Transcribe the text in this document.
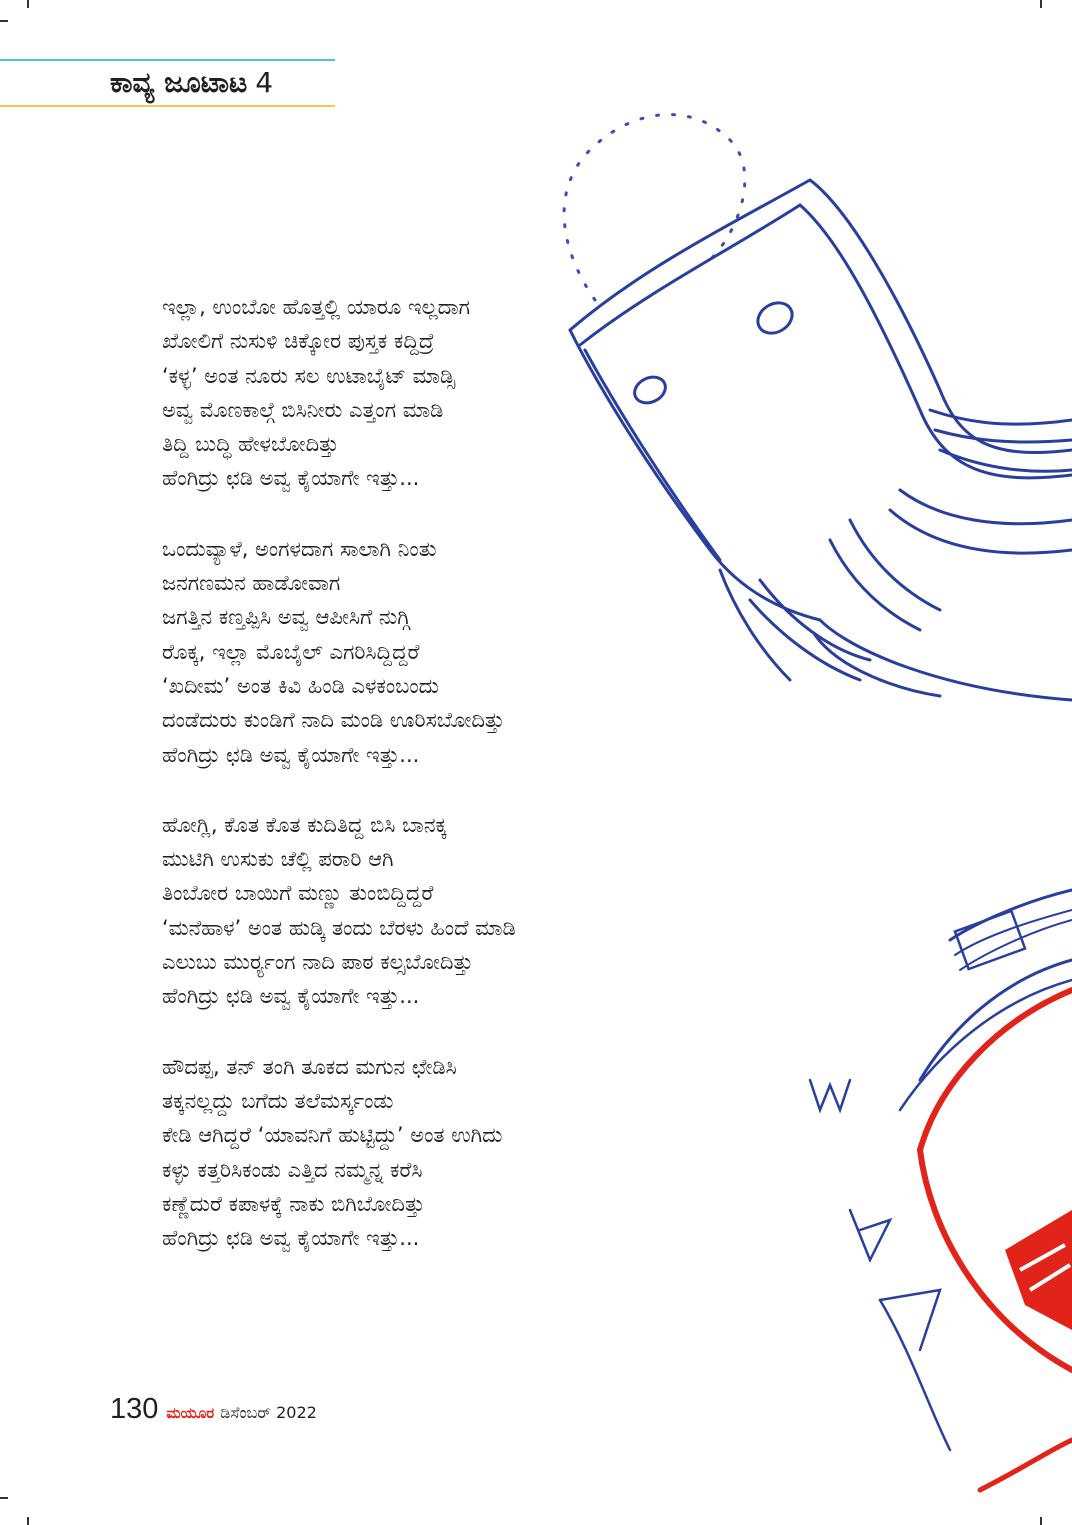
ಕಾವ್ಯ ಜೂಟಾಟ 4
ಇಲ್ಲಾ, ಉಂಬೋ ಹೊತ್ತಲ್ಲಿ ಯಾರೂ ಇಲ್ಲದಾಗ
ಖೋಲಿಗೆ ನುಸುಳಿ ಚಿಕ್ಕೋರ ಪುಸ್ತಕ ಕದ್ದಿದ್ರೆ
‘ಕಳ್ಳ’ ಅಂತ ನೂರು ಸಲ ಉಟಾಬೈಟ್ ಮಾಡ್ಸಿ
ಅವ್ವ ಮೊಣಕಾಲ್ಗೆ ಬಿಸಿನೀರು ಎತ್ತಂಗ ಮಾಡಿ
ತಿದ್ದಿ ಬುದ್ಧಿ ಹೇಳಬೋದಿತ್ತು
ಹೆಂಗಿದ್ರು ಛಡಿ ಅವ್ವ ಕೈಯಾಗೇ ಇತ್ತು...
ಒಂದುವ್ಯಾಳೆ, ಅಂಗಳದಾಗ ಸಾಲಾಗಿ ನಿಂತು
ಜನಗಣಮನ ಹಾಡೋವಾಗ
ಜಗತ್ತಿನ ಕಣ್ತಪ್ಪಿಸಿ ಅವ್ವ ಆಪೀಸಿಗೆ ನುಗ್ಗಿ
ರೊಕ್ಕ, ಇಲ್ಲಾ ಮೊಬೈಲ್ ಎಗರಿಸಿದ್ದಿದ್ದರೆ
‘ಖದೀಮ’ ಅಂತ ಕಿವಿ ಹಿಂಡಿ ಎಳಕಂಬಂದು
ದಂಡೆದುರು ಕುಂಡಿಗೆ ನಾದಿ ಮಂಡಿ ಊರಿಸಬೋದಿತ್ತು
ಹೆಂಗಿದ್ರು ಛಡಿ ಅವ್ವ ಕೈಯಾಗೇ ಇತ್ತು...
ಹೋಗ್ಲಿ, ಕೊತ ಕೊತ ಕುದಿತಿದ್ದ ಬಿಸಿ ಬಾನಕ್ಕ
ಮುಟಿಗಿ ಉಸುಕು ಚೆಲ್ಲಿ ಪರಾರಿ ಆಗಿ
ತಿಂಬೋರ ಬಾಯಿಗೆ ಮಣ್ಣು ತುಂಬಿದ್ದಿದ್ದರೆ
‘ಮನೆಹಾಳ’ ಅಂತ ಹುಡ್ಕಿ ತಂದು ಬೆರಳು ಹಿಂದೆ ಮಾಡಿ
ಎಲುಬು ಮುರ್ರ್ಯಂಗ ನಾದಿ ಪಾಠ ಕಲ್ಸಬೋದಿತ್ತು
ಹೆಂಗಿದ್ರು ಛಡಿ ಅವ್ವ ಕೈಯಾಗೇ ಇತ್ತು...
ಹೌದಪ್ಪ, ತನ್ ತಂಗಿ ತೂಕದ ಮಗುನ ಛೇಡಿಸಿ
ತಕ್ಕನಲ್ಲದ್ದು ಬಗೆದು ತಲೆಮರ್ಸ್ಕಂಡು
ಕೇಡಿ ಆಗಿದ್ದರೆ ‘ಯಾವನಿಗೆ ಹುಟ್ಟಿದ್ದು’ ಅಂತ ಉಗಿದು
ಕಳ್ಳು ಕತ್ತರಿಸಿಕಂಡು ಎತ್ತಿದ ನಮ್ಮನ್ನ ಕರೆಸಿ
ಕಣ್ಣೆದುರೆ ಕಪಾಳಕ್ಕೆ ನಾಕು ಬಿಗಿಬೋದಿತ್ತು
ಹೆಂಗಿದ್ರು ಛಡಿ ಅವ್ವ ಕೈಯಾಗೇ ಇತ್ತು...
130 ಮಯೂರ ಡಿಸೆಂಬರ್ 2022
